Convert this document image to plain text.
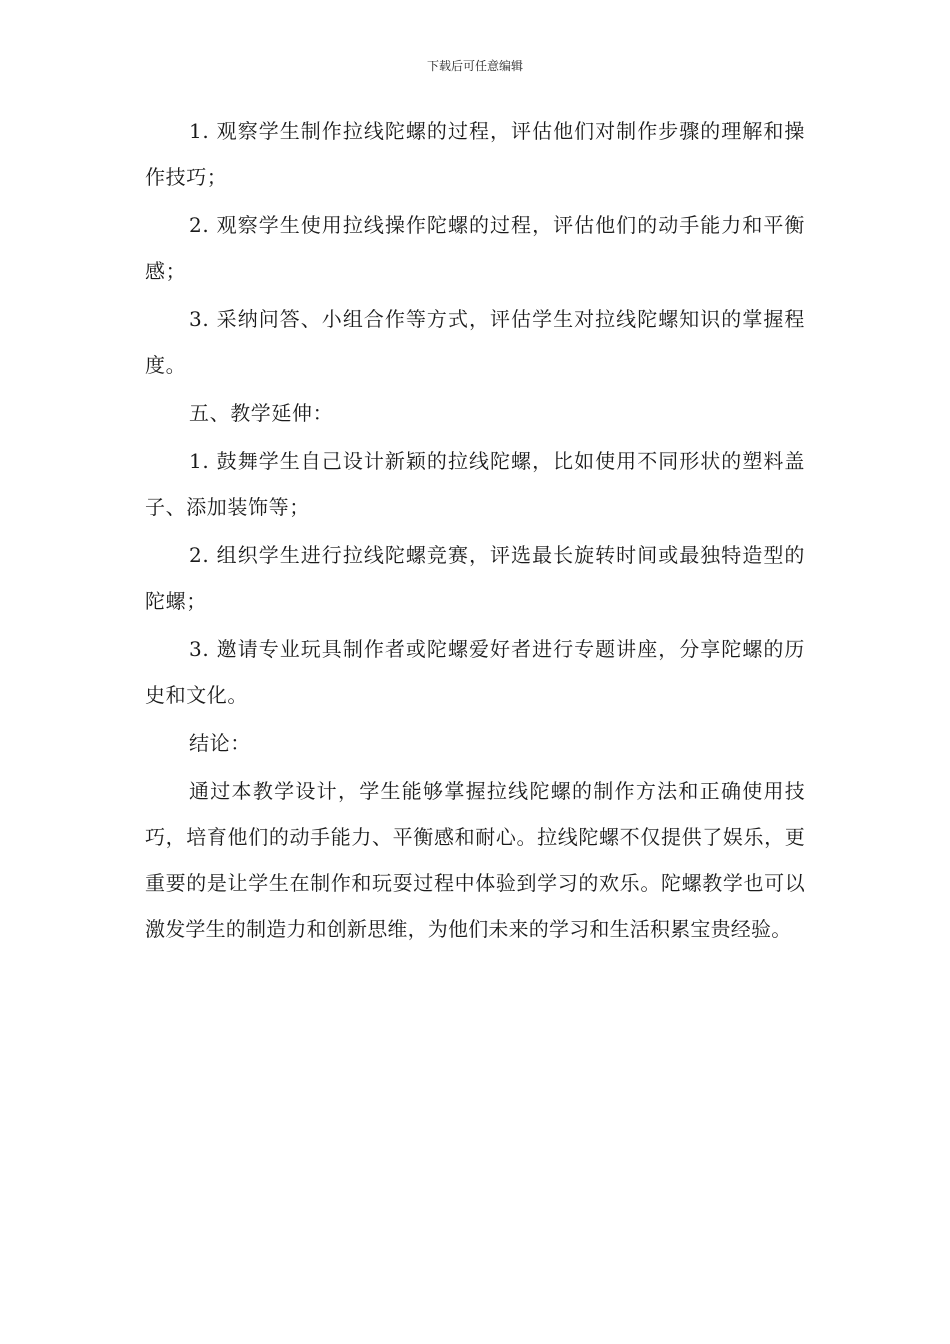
下载后可任意编辑

1. 观察学生制作拉线陀螺的过程，评估他们对制作步骤的理解和操作技巧；

2. 观察学生使用拉线操作陀螺的过程，评估他们的动手能力和平衡感；

3. 采纳问答、小组合作等方式，评估学生对拉线陀螺知识的掌握程度。

五、教学延伸：

1. 鼓舞学生自己设计新颖的拉线陀螺，比如使用不同形状的塑料盖子、添加装饰等；

2. 组织学生进行拉线陀螺竞赛，评选最长旋转时间或最独特造型的陀螺；

3. 邀请专业玩具制作者或陀螺爱好者进行专题讲座，分享陀螺的历史和文化。

结论：

通过本教学设计，学生能够掌握拉线陀螺的制作方法和正确使用技巧，培育他们的动手能力、平衡感和耐心。拉线陀螺不仅提供了娱乐，更重要的是让学生在制作和玩耍过程中体验到学习的欢乐。陀螺教学也可以激发学生的制造力和创新思维，为他们未来的学习和生活积累宝贵经验。
